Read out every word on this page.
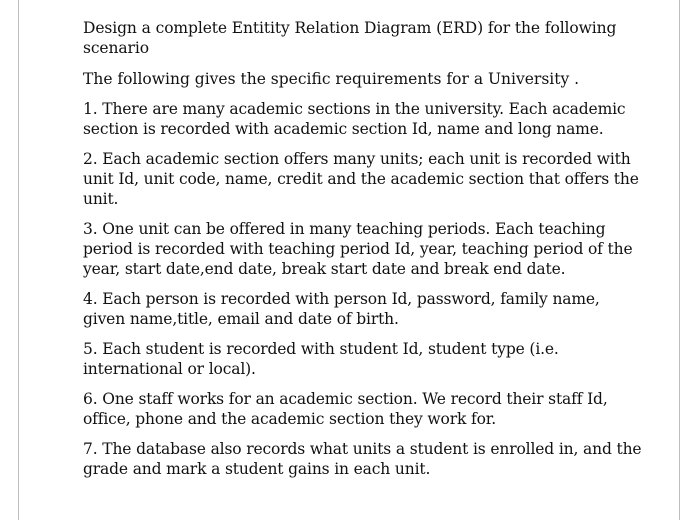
Design a complete Entitity Relation Diagram (ERD) for the following scenario

The following gives the specific requirements for a University .

1. There are many academic sections in the university. Each academic section is recorded with academic section Id, name and long name.

2. Each academic section offers many units; each unit is recorded with unit Id, unit code, name, credit and the academic section that offers the unit.

3. One unit can be offered in many teaching periods. Each teaching period is recorded with teaching period Id, year, teaching period of the year, start date,end date, break start date and break end date.

4. Each person is recorded with person Id, password, family name, given name,title, email and date of birth.

5. Each student is recorded with student Id, student type (i.e. international or local).

6. One staff works for an academic section. We record their staff Id, office, phone and the academic section they work for.

7. The database also records what units a student is enrolled in, and the grade and mark a student gains in each unit.
